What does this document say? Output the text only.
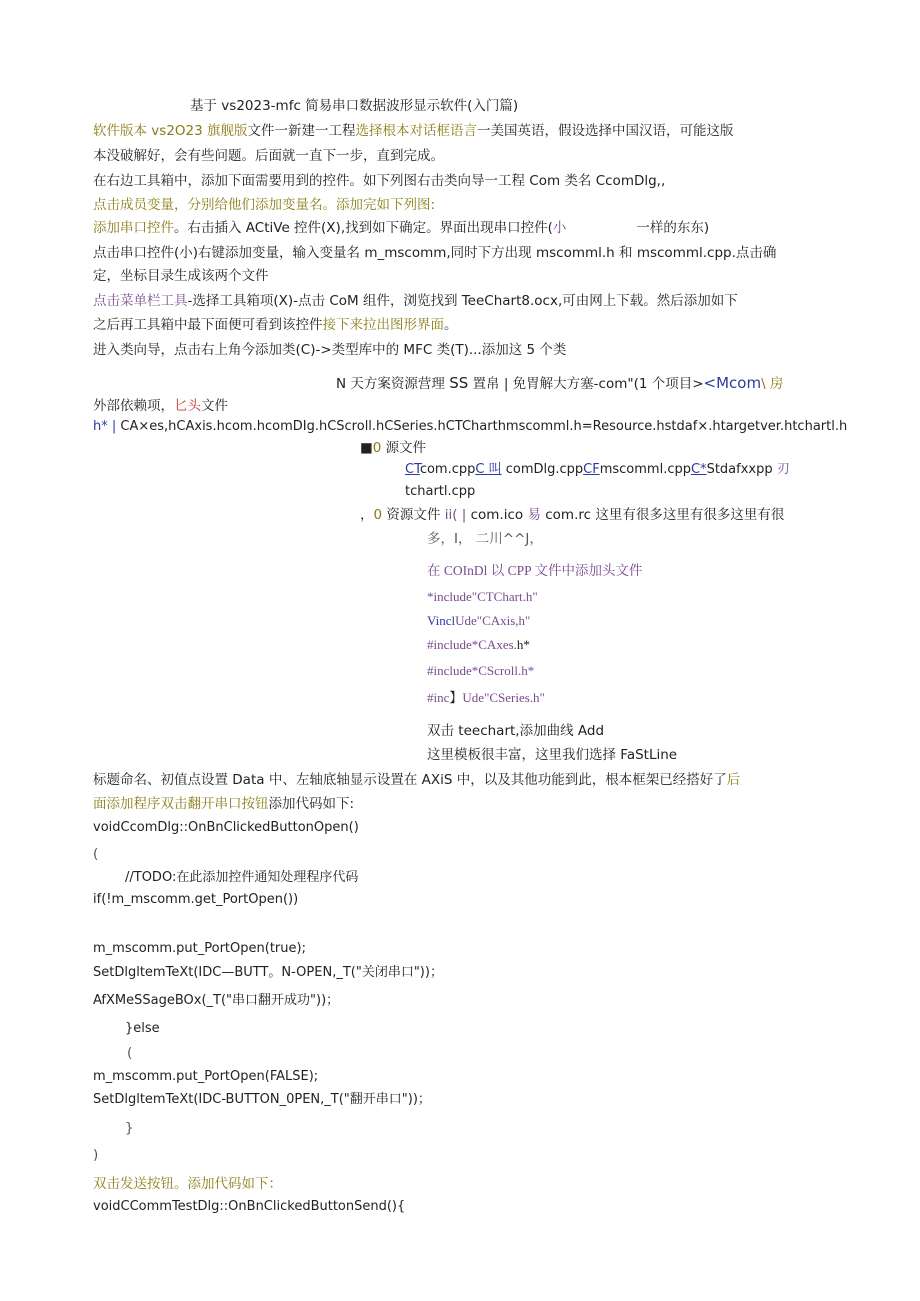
基于 vs2023-mfc 简易串口数据波形显示软件(入门篇)
软件版本 vs2O23 旗舰版文件一新建一工程选择根本对话框语言一美国英语，假设选择中国汉语，可能这版
本没破解好，会有些问题。后面就一直下一步，直到完成。
在右边工具箱中，添加下面需要用到的控件。如下列图右击类向导一工程 Com 类名 CcomDlg,,
点击成员变量，分别给他们添加变量名。添加完如下列图:
添加串口控件。右击插入 ACtiVe 控件(X),找到如下确定。界面出现串口控件(小	一样的东东)
点击串口控件(小)右键添加变量，输入变量名 m_mscomm,同时下方出现 mscomml.h 和 mscomml.cpp.点击确
定，坐标目录生成该两个文件
点击菜单栏工具-选择工具箱项(X)-点击 CoM 组件，浏览找到 TeeChart8.ocx,可由网上下载。然后添加如下
之后再工具箱中最下面便可看到该控件接下来拉出图形界面。
进入类向导，点击右上角今添加类(C)->类型库中的 MFC 类(T)...添加这 5 个类
N 天方案资源营理 SS 置帛 | 免胃解大方塞-com"(1 个项目><Mcom\ 房
外部依赖项，匕头文件
h* | CA×es,hCAxis.hcom.hcomDIg.hCScroll.hCSeries.hCTCharthmscomml.h=Resource.hstdaf×.htargetver.htchartl.h
■0 源文件
CTcom.cppC 叫 comDlg.cppCFmscomml.cppC*Stdafxxpp 刃
tchartl.cpp
，0 资源文件 ii( | com.ico 易 com.rc 这里有很多这里有很多这里有很
多，I， 二川^^J，
在 COInDl 以 CPP 文件中添加头文件
*include"CTChart.h"
VinclUde"CAxis,h"
#include*CAxes.h*
#include*CScroll.h*
#inc】Ude"CSeries.h"
双击 teechart,添加曲线 Add
这里模板很丰富，这里我们选择 FaStLine
标题命名、初值点设置 Data 中、左轴底轴显示设置在 AXiS 中，以及其他功能到此，根本框架已经搭好了后
面添加程序双击翻开串口按钮添加代码如下:
voidCcomDlg::OnBnClickedButtonOpen()
(
//TODO:在此添加控件通知处理程序代码
if(!m_mscomm.get_PortOpen())
m_mscomm.put_PortOpen(true);
SetDlgltemTeXt(IDC—BUTT。N-OPEN,_T("关闭串口"))；
AfXMeSSageBOx(_T("串口翻开成功"))；
}else
(
m_mscomm.put_PortOpen(FALSE);
SetDlgltemTeXt(IDC-BUTTON_0PEN,_T("翻开串口"))；
}
)
双击发送按钮。添加代码如下：
voidCCommTestDlg::OnBnClickedButtonSend(){
